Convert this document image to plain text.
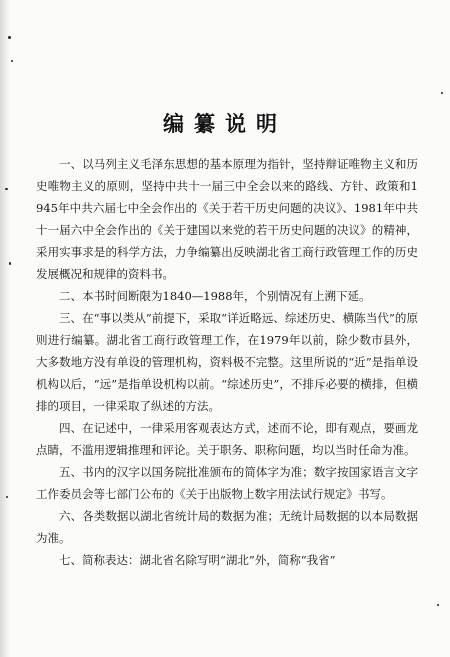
编纂说明

一、以马列主义毛泽东思想的基本原理为指针，坚持辩证唯物主义和历史唯物主义的原则，坚持中共十一届三中全会以来的路线、方针、政策和1945年中共六届七中全会作出的《关于若干历史问题的决议》、1981年中共十一届六中全会作出的《关于建国以来党的若干历史问题的决议》的精神，采用实事求是的科学方法，力争编纂出反映湖北省工商行政管理工作的历史发展概况和规律的资料书。

二、本书时间断限为1840—1988年，个别情况有上溯下延。

三、在“事以类从”前提下，采取“详近略远、综述历史、横陈当代”的原则进行编纂。湖北省工商行政管理工作，在1979年以前，除少数市县外，大多数地方没有单设的管理机构，资料极不完整。这里所说的“近”是指单设机构以后，“远”是指单设机构以前。“综述历史”，不排斥必要的横排，但横排的项目，一律采取了纵述的方法。

四、在记述中，一律采用客观表达方式，述而不论，即有观点，要画龙点睛，不滥用逻辑推理和评论。关于职务、职称问题，均以当时任命为准。

五、书内的汉字以国务院批准颁布的简体字为准；数字按国家语言文字工作委员会等七部门公布的《关于出版物上数字用法试行规定》书写。

六、各类数据以湖北省统计局的数据为准；无统计局数据的以本局数据为准。

七、简称表达：湖北省名除写明“湖北”外，简称“我省”
